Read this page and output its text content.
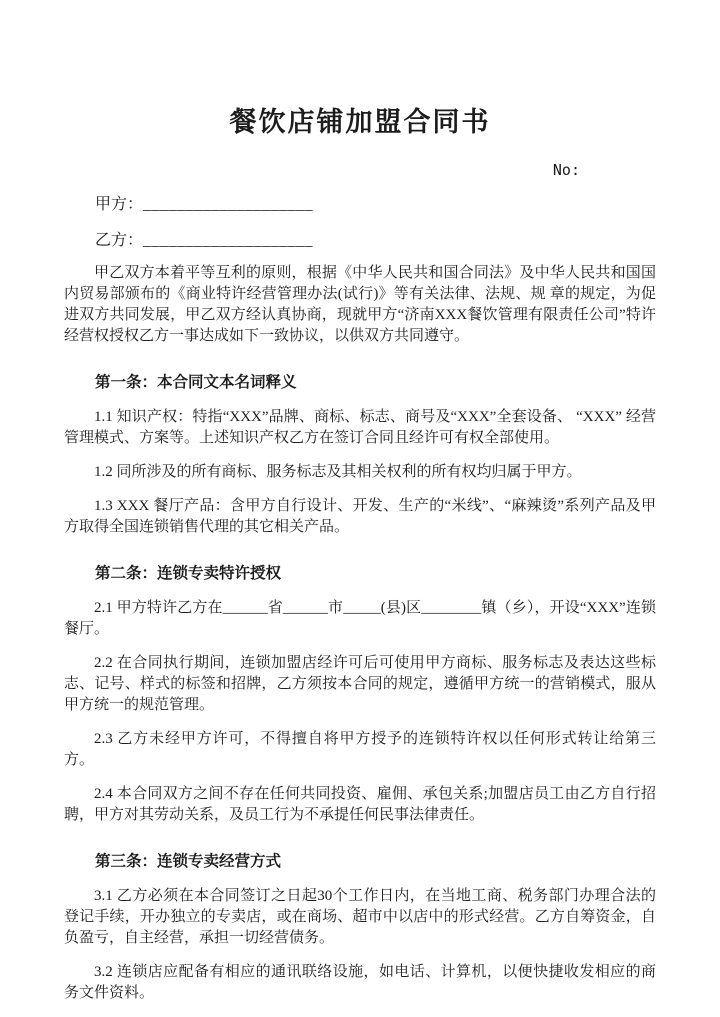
餐饮店铺加盟合同书
No:
甲方：____________________
乙方：____________________

甲乙双方本着平等互利的原则，根据《中华人民共和国合同法》及中华人民共和国国内贸易部颁布的《商业特许经营管理办法(试行)》等有关法律、法规、规 章的规定，为促进双方共同发展，甲乙双方经认真协商，现就甲方“济南XXX餐饮管理有限责任公司”特许经营权授权乙方一事达成如下一致协议，以供双方共同遵守。

第一条：本合同文本名词释义

1.1 知识产权：特指“XXX”品牌、商标、标志、商号及“XXX”全套设备、 “XXX” 经营 管理模式、方案等。上述知识产权乙方在签订合同且经许可有权全部使用。

1.2 同所涉及的所有商标、服务标志及其相关权利的所有权均归属于甲方。

1.3 XXX 餐厅产品：含甲方自行设计、开发、生产的“米线”、“麻辣烫”系列产品及甲方取得全国连锁销售代理的其它相关产品。

第二条：连锁专卖特许授权

2.1 甲方特许乙方在______省______市_____(县)区________镇（乡），开设“XXX”连锁餐厅。

2.2 在合同执行期间，连锁加盟店经许可后可使用甲方商标、服务标志及表达这些标志、记号、样式的标签和招牌，乙方须按本合同的规定，遵循甲方统一的营销模式，服从甲方统一的规范管理。

2.3 乙方未经甲方许可，不得擅自将甲方授予的连锁特许权以任何形式转让给第三方。

2.4 本合同双方之间不存在任何共同投资、雇佣、承包关系;加盟店员工由乙方自行招聘，甲方对其劳动关系，及员工行为不承提任何民事法律责任。

第三条：连锁专卖经营方式

3.1 乙方必须在本合同签订之日起30个工作日内，在当地工商、税务部门办理合法的登记手续，开办独立的专卖店，或在商场、超市中以店中的形式经营。乙方自筹资金，自负盈亏，自主经营，承担一切经营债务。

3.2 连锁店应配备有相应的通讯联络设施，如电话、计算机，以便快捷收发相应的商务文件资料。
